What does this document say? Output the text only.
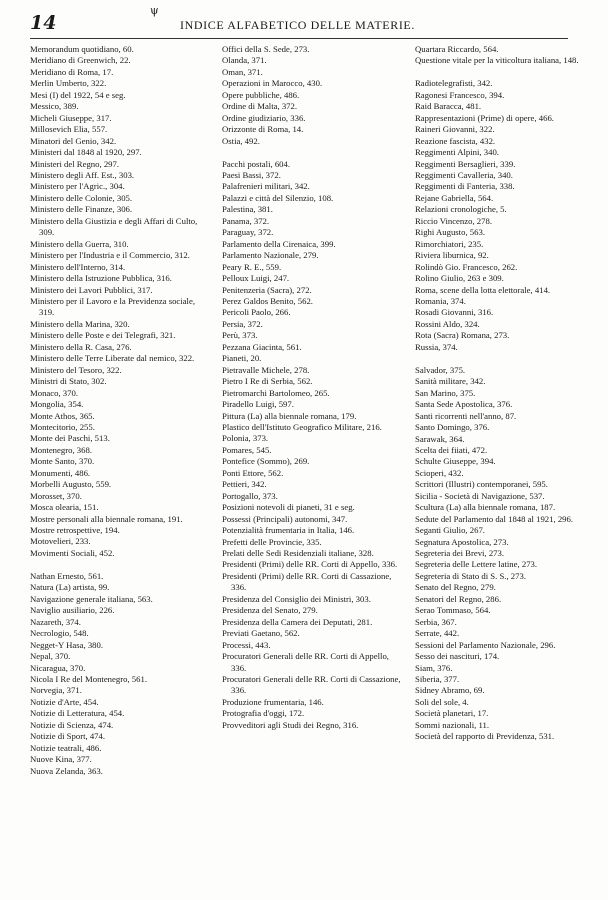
14
ψ
INDICE ALFABETICO DELLE MATERIE.
Memorandum quotidiano, 60.
Meridiano di Greenwich, 22.
Meridiano di Roma, 17.
Merlin Umberto, 322.
Mesi (I) del 1922, 54 e seg.
Messico, 389.
Micheli Giuseppe, 317.
Millosevich Elia, 557.
Minatori del Genio, 342.
Ministeri dal 1848 al 1920, 297.
Ministeri del Regno, 297.
Ministero degli Aff. Est., 303.
Ministero per l'Agric., 304.
Ministero delle Colonie, 305.
Ministero delle Finanze, 306.
Ministero della Giustizia e degli Affari di Culto, 309.
Ministero della Guerra, 310.
Ministero per l'Industria e il Commercio, 312.
Ministero dell'Interno, 314.
Ministero della Istruzione Pubblica, 316.
Ministero dei Lavori Pubblici, 317.
Ministero per il Lavoro e la Previdenza sociale, 319.
Ministero della Marina, 320.
Ministero delle Poste e dei Telegrafi, 321.
Ministero della R. Casa, 276.
Ministero delle Terre Liberate dal nemico, 322.
Ministero del Tesoro, 322.
Ministri di Stato, 302.
Monaco, 370.
Mongolia, 354.
Monte Athos, 365.
Montecitorio, 255.
Monte dei Paschi, 513.
Montenegro, 368.
Monte Santo, 370.
Monumenti, 486.
Morbelli Augusto, 559.
Morosset, 370.
Mosca olearia, 151.
Mostre personali alla biennale romana, 191.
Mostre retrospettive, 194.
Motovelieri, 233.
Movimenti Sociali, 452.
Nathan Ernesto, 561.
Natura (La) artista, 99.
Navigazione generale italiana, 563.
Naviglio ausiliario, 226.
Nazareth, 374.
Necrologio, 548.
Negget-Y Hasa, 380.
Nepal, 370.
Nicaragua, 370.
Nicola I Re del Montenegro, 561.
Norvegia, 371.
Notizie d'Arte, 454.
Notizie di Letteratura, 454.
Notizie di Scienza, 474.
Notizie di Sport, 474.
Notizie teatrali, 486.
Nuove Kina, 377.
Nuova Zelanda, 363.
Offici della S. Sede, 273.
Olanda, 371.
Oman, 371.
Operazioni in Marocco, 430.
Opere pubbliche, 486.
Ordine di Malta, 372.
Ordine giudiziario, 336.
Orizzonte di Roma, 14.
Ostia, 492.
Pacchi postali, 604.
Paesi Bassi, 372.
Palafrenieri militari, 342.
Palazzi e città del Silenzio, 108.
Palestina, 381.
Panama, 372.
Paraguay, 372.
Parlamento della Cirenaica, 399.
Parlamento Nazionale, 279.
Peary R. E., 559.
Pelloux Luigi, 247.
Penitenzeria (Sacra), 272.
Perez Galdos Benito, 562.
Pericoli Paolo, 266.
Persia, 372.
Perù, 373.
Pezzana Giacinta, 561.
Pianeti, 20.
Pietravalle Michele, 278.
Pietro I Re di Serbia, 562.
Pietromarchi Bartolomeo, 265.
Piradello Luigi, 597.
Pittura (La) alla biennale romana, 179.
Plastico dell'Istituto Geografico Militare, 216.
Polonia, 373.
Pomares, 545.
Pontefice (Sommo), 269.
Ponti Ettore, 562.
Pettieri, 342.
Portogallo, 373.
Posizioni notevoli di pianeti, 31 e seg.
Possessi (Principali) autonomi, 347.
Potenzialità frumentaria in Italia, 146.
Prefetti delle Provincie, 335.
Prelati delle Sedi Residenziali italiane, 328.
Presidenti (Primi) delle RR. Corti di Appello, 336.
Presidenti (Primi) delle RR. Corti di Cassazione, 336.
Presidenza del Consiglio dei Ministri, 303.
Presidenza del Senato, 279.
Presidenza della Camera dei Deputati, 281.
Previati Gaetano, 562.
Processi, 443.
Procuratori Generali delle RR. Corti di Appello, 336.
Procuratori Generali delle RR. Corti di Cassazione, 336.
Produzione frumentaria, 146.
Protografia d'oggi, 172.
Provveditori agli Studi dei Regno, 316.
Quartara Riccardo, 564.
Questione vitale per la viticoltura italiana, 148.
Radiotelegrafisti, 342.
Ragonesi Francesco, 394.
Raid Baracca, 481.
Rappresentazioni (Prime) di opere, 466.
Raineri Giovanni, 322.
Reazione fascista, 432.
Reggimenti Alpini, 340.
Reggimenti Bersaglieri, 339.
Reggimenti Cavalleria, 340.
Reggimenti di Fanteria, 338.
Rejane Gabriella, 564.
Relazioni cronologiche, 5.
Riccio Vincenzo, 278.
Righi Augusto, 563.
Rimorchiatori, 235.
Riviera liburnica, 92.
Rolindò Gio. Francesco, 262.
Rolino Giulio, 263 e 309.
Roma, scene della lotta elettorale, 414.
Romania, 374.
Rosadi Giovanni, 316.
Rossini Aldo, 324.
Rota (Sacra) Romana, 273.
Russia, 374.
Salvador, 375.
Sanità militare, 342.
San Marino, 375.
Santa Sede Apostolica, 376.
Santi ricorrenti nell'anno, 87.
Santo Domingo, 376.
Sarawak, 364.
Scelta dei fiiati, 472.
Schulte Giuseppe, 394.
Scioperi, 432.
Scrittori (Illustri) contemporanei, 595.
Sicilia - Società di Navigazione, 537.
Scultura (La) alla biennale romana, 187.
Sedute del Parlamento dal 1848 al 1921, 296.
Seganti Giulio, 267.
Segnatura Apostolica, 273.
Segreteria dei Brevi, 273.
Segreteria delle Lettere latine, 273.
Segreteria di Stato di S. S., 273.
Senato del Regno, 279.
Senatori del Regno, 286.
Serao Tommaso, 564.
Serbia, 367.
Serrate, 442.
Sessioni del Parlamento Nazionale, 296.
Sesso dei nascituri, 174.
Siam, 376.
Siberia, 377.
Sidney Abramo, 69.
Soli del sole, 4.
Società planetari, 17.
Sommi nazionali, 11.
Società del rapporto di Previdenza, 531.
